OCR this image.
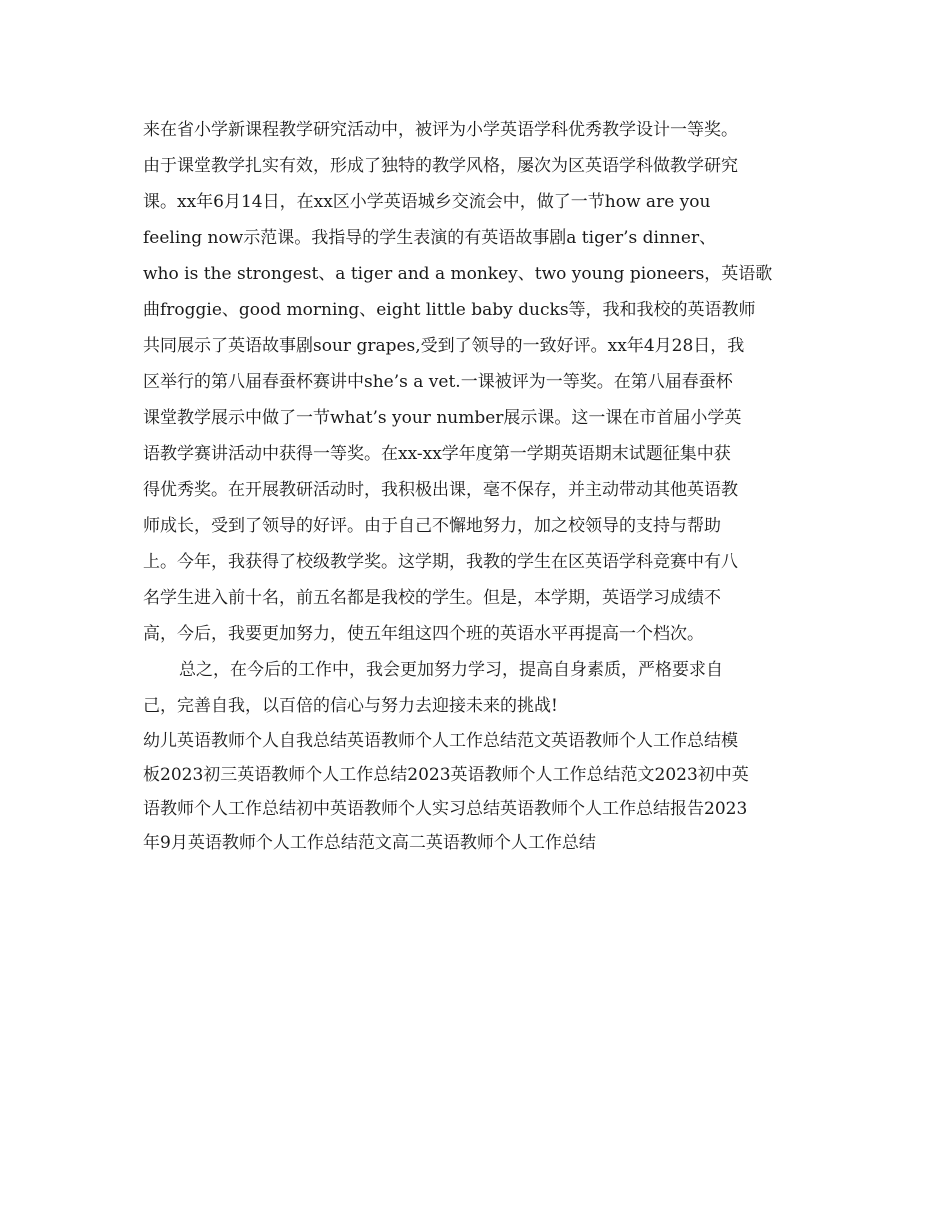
来在省小学新课程教学研究活动中，被评为小学英语学科优秀教学设计一等奖。
由于课堂教学扎实有效，形成了独特的教学风格，屡次为区英语学科做教学研究
课。xx年6月14日，在xx区小学英语城乡交流会中，做了一节how are you
feeling now示范课。我指导的学生表演的有英语故事剧a tiger’s dinner、
who is the strongest、a tiger and a monkey、two young pioneers，英语歌
曲froggie、good morning、eight little baby ducks等，我和我校的英语教师
共同展示了英语故事剧sour grapes,受到了领导的一致好评。xx年4月28日，我
区举行的第八届春蚕杯赛讲中she’s a vet.一课被评为一等奖。在第八届春蚕杯
课堂教学展示中做了一节what’s your number展示课。这一课在市首届小学英
语教学赛讲活动中获得一等奖。在xx-xx学年度第一学期英语期末试题征集中获
得优秀奖。在开展教研活动时，我积极出课，毫不保存，并主动带动其他英语教
师成长，受到了领导的好评。由于自己不懈地努力，加之校领导的支持与帮助
上。今年，我获得了校级教学奖。这学期，我教的学生在区英语学科竞赛中有八
名学生进入前十名，前五名都是我校的学生。但是，本学期，英语学习成绩不
高，今后，我要更加努力，使五年组这四个班的英语水平再提高一个档次。
总之，在今后的工作中，我会更加努力学习，提高自身素质，严格要求自
己，完善自我，以百倍的信心与努力去迎接未来的挑战!
幼儿英语教师个人自我总结英语教师个人工作总结范文英语教师个人工作总结模
板2023初三英语教师个人工作总结2023英语教师个人工作总结范文2023初中英
语教师个人工作总结初中英语教师个人实习总结英语教师个人工作总结报告2023
年9月英语教师个人工作总结范文高二英语教师个人工作总结
